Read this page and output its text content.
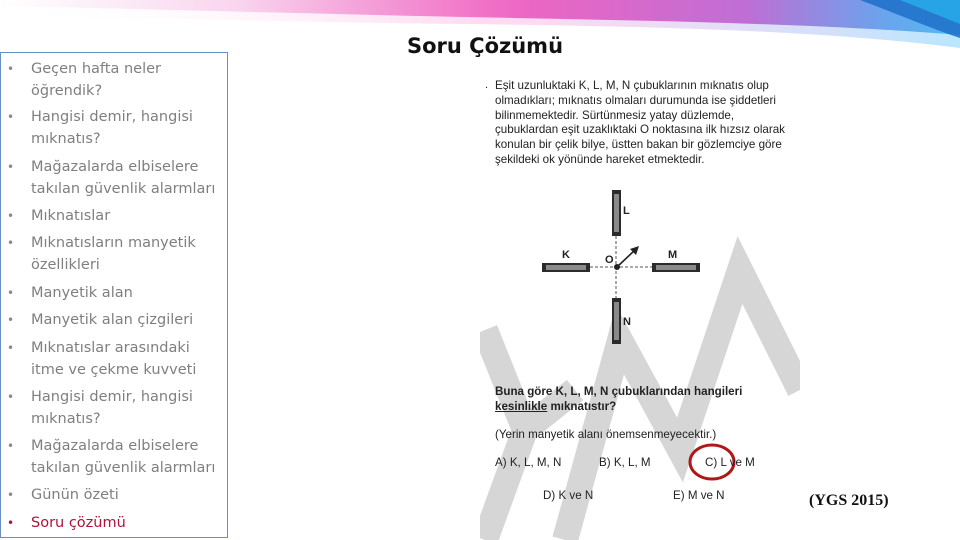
• Geçen hafta neler öğrendik?
• Hangisi demir, hangisi mıknatıs?
• Mağazalarda elbiselere takılan güvenlik alarmları
• Mıknatıslar
• Mıknatısların manyetik özellikleri
• Manyetik alan
• Manyetik alan çizgileri
• Mıknatıslar arasındaki itme ve çekme kuvveti
• Hangisi demir, hangisi mıknatıs?
• Mağazalarda elbiselere takılan güvenlik alarmları
• Günün özeti
• Soru çözümü
Soru Çözümü
. Eşit uzunluktaki K, L, M, N çubuklarının mıknatıs olup olmadıkları; mıknatıs olmaları durumunda ise şiddetleri bilinmemektedir. Sürtünmesiz yatay düzlemde, çubuklardan eşit uzaklıktaki O noktasına ilk hızsız olarak konulan bir çelik bilye, üstten bakan bir gözlemciye göre şekildeki ok yönünde hareket etmektedir.
L
K	M
O
N
Buna göre K, L, M, N çubuklarından hangileri kesinlikle mıknatıstır?
(Yerin manyetik alanı önemsenmeyecektir.)
A) K, L, M, N	B) K, L, M	C) L ve M
D) K ve N	E) M ve N	(YGS 2015)
